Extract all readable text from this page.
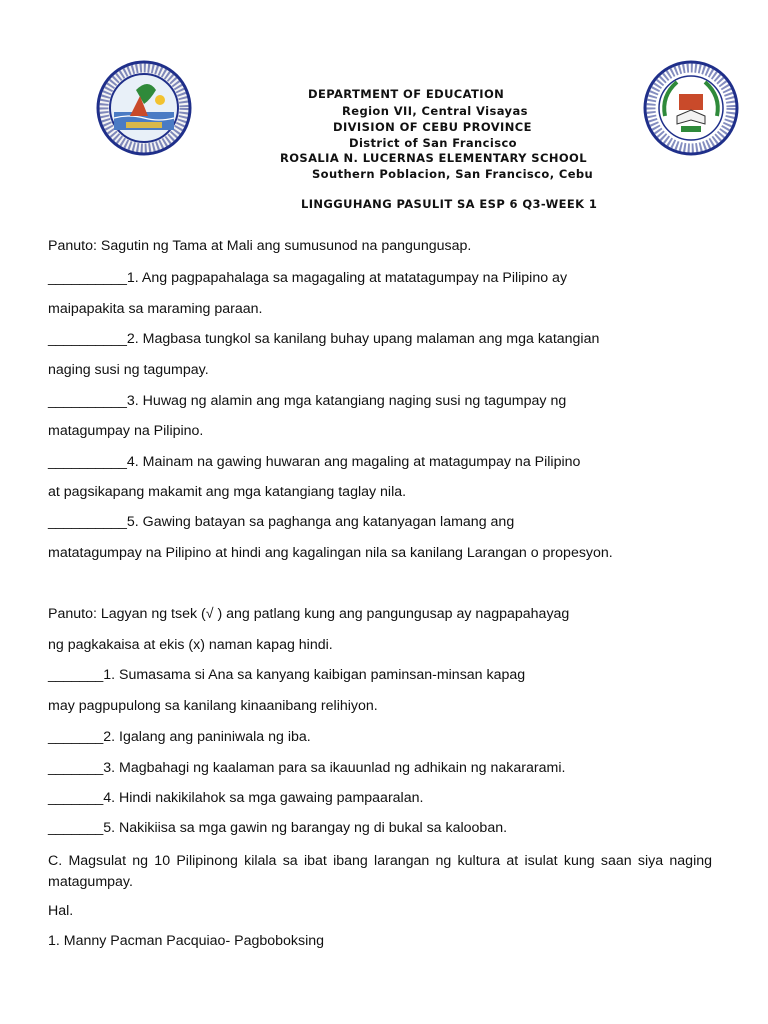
DEPARTMENT OF EDUCATION
Region VII, Central Visayas
DIVISION OF CEBU PROVINCE
District of San Francisco
ROSALIA N. LUCERNAS ELEMENTARY SCHOOL
Southern Poblacion, San Francisco, Cebu
LINGGUHANG PASULIT SA ESP 6 Q3-WEEK 1
Panuto: Sagutin ng Tama at Mali ang sumusunod na pangungusap.
__________1. Ang pagpapahalaga sa magagaling at matatagumpay na Pilipino ay
maipapakita sa maraming paraan.
__________2. Magbasa tungkol sa kanilang buhay upang malaman ang mga katangian
naging susi ng tagumpay.
__________3. Huwag ng alamin ang mga katangiang naging susi ng tagumpay ng
matagumpay na Pilipino.
__________4. Mainam na gawing huwaran ang magaling at matagumpay na Pilipino
at pagsikapang makamit ang mga katangiang taglay nila.
__________5. Gawing batayan sa paghanga ang katanyagan lamang ang
matatagumpay na Pilipino at hindi ang kagalingan nila sa kanilang Larangan o propesyon.
Panuto: Lagyan ng tsek (√ ) ang patlang kung ang pangungusap ay nagpapahayag
ng pagkakaisa at ekis (x) naman kapag hindi.
_______1. Sumasama si Ana sa kanyang kaibigan paminsan-minsan kapag
may pagpupulong sa kanilang kinaanibang relihiyon.
_______2. Igalang ang paniniwala ng iba.
_______3. Magbahagi ng kaalaman para sa ikauunlad ng adhikain ng nakararami.
_______4. Hindi nakikilahok sa mga gawaing pampaaralan.
_______5. Nakikiisa sa mga gawin ng barangay ng di bukal sa kalooban.
C. Magsulat ng 10 Pilipinong kilala sa ibat ibang larangan ng kultura at isulat kung saan siya naging matagumpay.
Hal.
1. Manny Pacman Pacquiao- Pagboboksing
